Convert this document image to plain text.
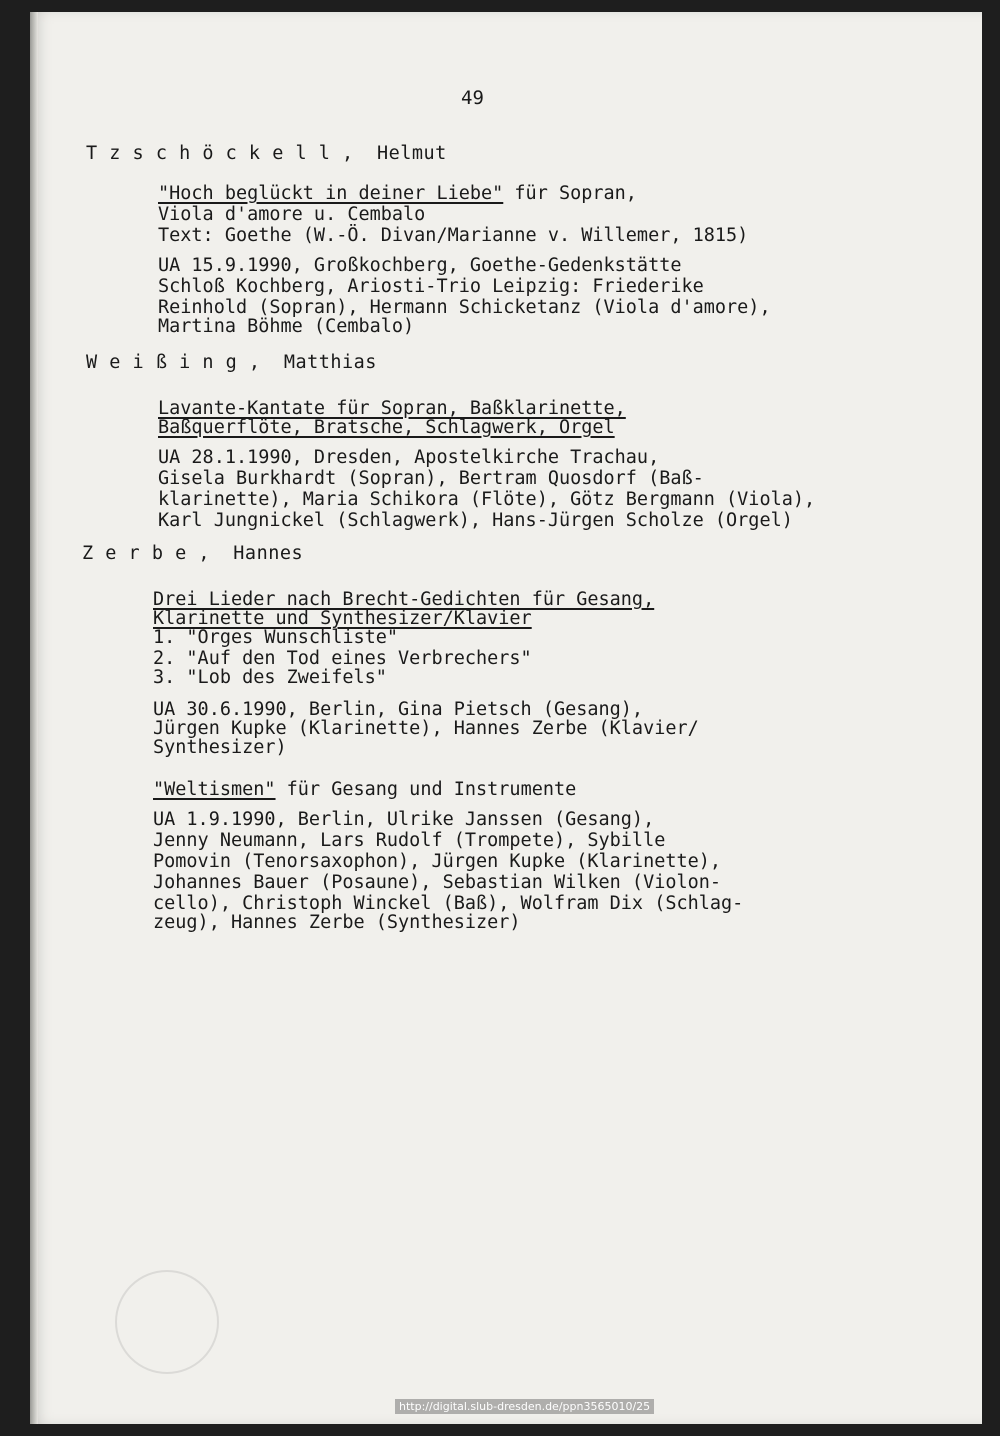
49
T z s c h ö c k e l l ,  Helmut
"Hoch beglückt in deiner Liebe" für Sopran,
Viola d'amore u. Cembalo
Text: Goethe (W.-Ö. Divan/Marianne v. Willemer, 1815)
UA 15.9.1990, Großkochberg, Goethe-Gedenkstätte
Schloß Kochberg, Ariosti-Trio Leipzig: Friederike
Reinhold (Sopran), Hermann Schicketanz (Viola d'amore),
Martina Böhme (Cembalo)
W e i ß i n g ,  Matthias
Lavante-Kantate für Sopran, Baßklarinette,
Baßquerflöte, Bratsche, Schlagwerk, Orgel
UA 28.1.1990, Dresden, Apostelkirche Trachau,
Gisela Burkhardt (Sopran), Bertram Quosdorf (Baß-
klarinette), Maria Schikora (Flöte), Götz Bergmann (Viola),
Karl Jungnickel (Schlagwerk), Hans-Jürgen Scholze (Orgel)
Z e r b e ,  Hannes
Drei Lieder nach Brecht-Gedichten für Gesang,
Klarinette und Synthesizer/Klavier
1. "Orges Wunschliste"
2. "Auf den Tod eines Verbrechers"
3. "Lob des Zweifels"
UA 30.6.1990, Berlin, Gina Pietsch (Gesang),
Jürgen Kupke (Klarinette), Hannes Zerbe (Klavier/
Synthesizer)
"Weltismen" für Gesang und Instrumente
UA 1.9.1990, Berlin, Ulrike Janssen (Gesang),
Jenny Neumann, Lars Rudolf (Trompete), Sybille
Pomovin (Tenorsaxophon), Jürgen Kupke (Klarinette),
Johannes Bauer (Posaune), Sebastian Wilken (Violon-
cello), Christoph Winckel (Baß), Wolfram Dix (Schlag-
zeug), Hannes Zerbe (Synthesizer)
http://digital.slub-dresden.de/ppn3565010/25
